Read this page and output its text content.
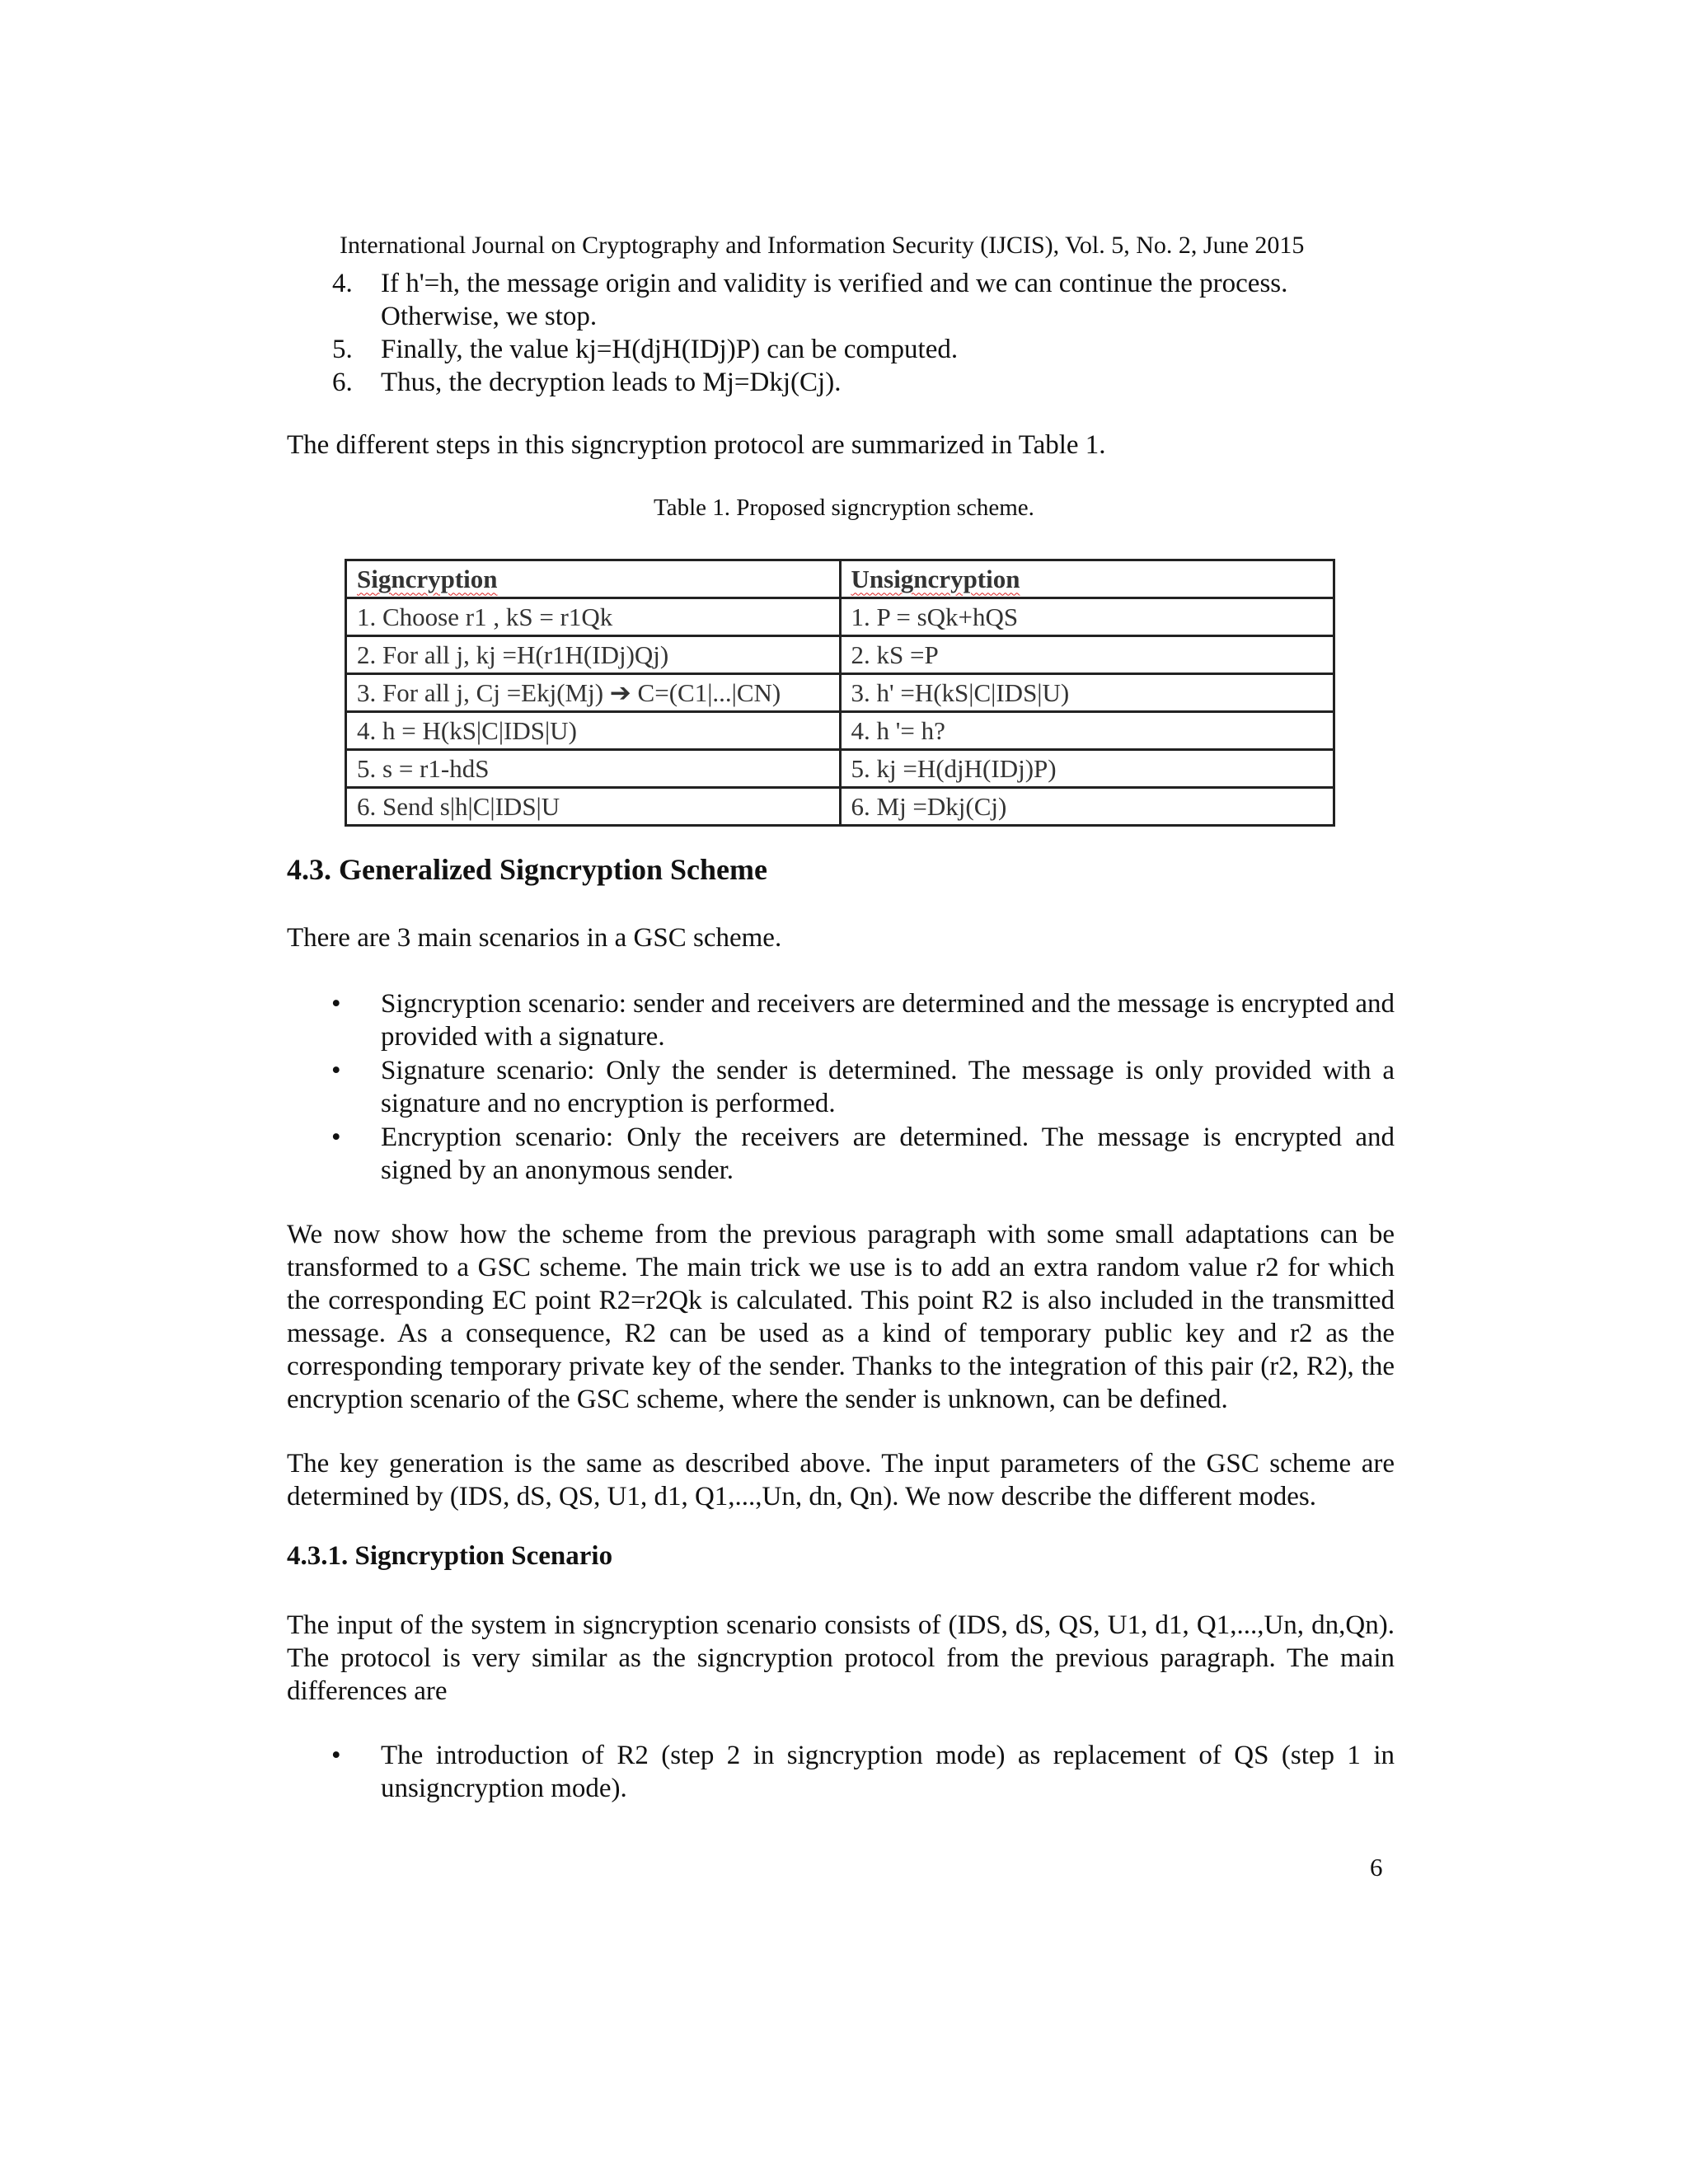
International Journal on Cryptography and Information Security (IJCIS), Vol. 5, No. 2, June 2015
4.	If h'=h, the message origin and validity is verified and we can continue the process. Otherwise, we stop.
5.	Finally, the value kj=H(djH(IDj)P) can be computed.
6.	Thus, the decryption leads to Mj=Dkj(Cj).
The different steps in this signcryption protocol are summarized in Table 1.
Table 1. Proposed signcryption scheme.
Signcryption	Unsigncryption
1. Choose r1 , kS = r1Qk	1. P = sQk+hQS
2. For all j, kj =H(r1H(IDj)Qj)	2. kS =P
3. For all j, Cj =Ekj(Mj) ➔ C=(C1|...|CN)	3. h' =H(kS|C|IDS|U)
4. h = H(kS|C|IDS|U)	4. h '= h?
5. s = r1-hdS	5. kj =H(djH(IDj)P)
6. Send s|h|C|IDS|U	6. Mj =Dkj(Cj)
4.3. Generalized Signcryption Scheme
There are 3 main scenarios in a GSC scheme.
•	Signcryption scenario: sender and receivers are determined and the message is encrypted and provided with a signature.
•	Signature scenario: Only the sender is determined. The message is only provided with a signature and no encryption is performed.
•	Encryption scenario: Only the receivers are determined. The message is encrypted and signed by an anonymous sender.
We now show how the scheme from the previous paragraph with some small adaptations can be transformed to a GSC scheme. The main trick we use is to add an extra random value r2 for which the corresponding EC point R2=r2Qk is calculated. This point R2 is also included in the transmitted message. As a consequence, R2 can be used as a kind of temporary public key and r2 as the corresponding temporary private key of the sender. Thanks to the integration of this pair (r2, R2), the encryption scenario of the GSC scheme, where the sender is unknown, can be defined.
The key generation is the same as described above. The input parameters of the GSC scheme are determined by (IDS, dS, QS, U1, d1, Q1,...,Un, dn, Qn). We now describe the different modes.
4.3.1. Signcryption Scenario
The input of the system in signcryption scenario consists of (IDS, dS, QS, U1, d1, Q1,...,Un, dn,Qn). The protocol is very similar as the signcryption protocol from the previous paragraph. The main differences are
•	The introduction of R2 (step 2 in signcryption mode) as replacement of QS (step 1 in unsigncryption mode).
6
